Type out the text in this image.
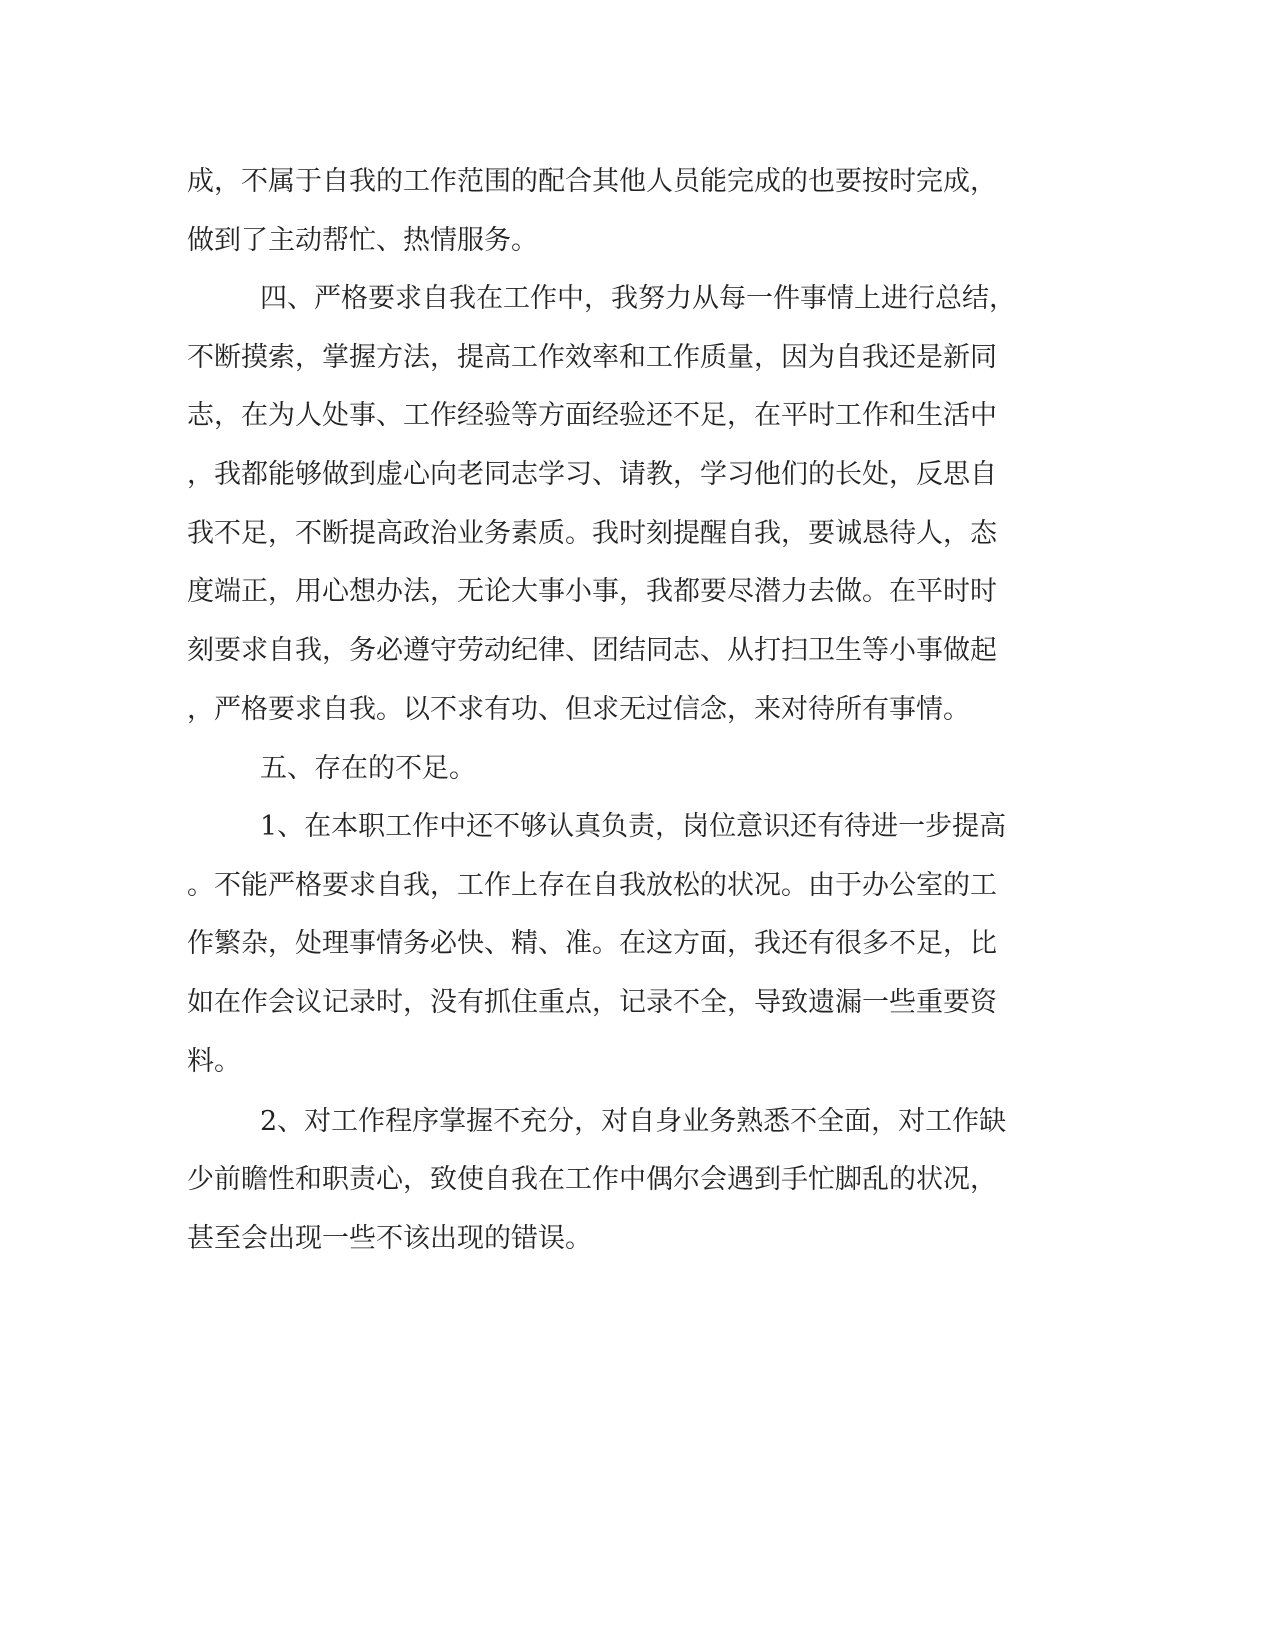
成，不属于自我的工作范围的配合其他人员能完成的也要按时完成，
做到了主动帮忙、热情服务。
四、严格要求自我在工作中，我努力从每一件事情上进行总结，
不断摸索，掌握方法，提高工作效率和工作质量，因为自我还是新同
志，在为人处事、工作经验等方面经验还不足，在平时工作和生活中
，我都能够做到虚心向老同志学习、请教，学习他们的长处，反思自
我不足，不断提高政治业务素质。我时刻提醒自我，要诚恳待人，态
度端正，用心想办法，无论大事小事，我都要尽潜力去做。在平时时
刻要求自我，务必遵守劳动纪律、团结同志、从打扫卫生等小事做起
，严格要求自我。以不求有功、但求无过信念，来对待所有事情。
五、存在的不足。
1、在本职工作中还不够认真负责，岗位意识还有待进一步提高
。不能严格要求自我，工作上存在自我放松的状况。由于办公室的工
作繁杂，处理事情务必快、精、准。在这方面，我还有很多不足，比
如在作会议记录时，没有抓住重点，记录不全，导致遗漏一些重要资
料。
2、对工作程序掌握不充分，对自身业务熟悉不全面，对工作缺
少前瞻性和职责心，致使自我在工作中偶尔会遇到手忙脚乱的状况，
甚至会出现一些不该出现的错误。
